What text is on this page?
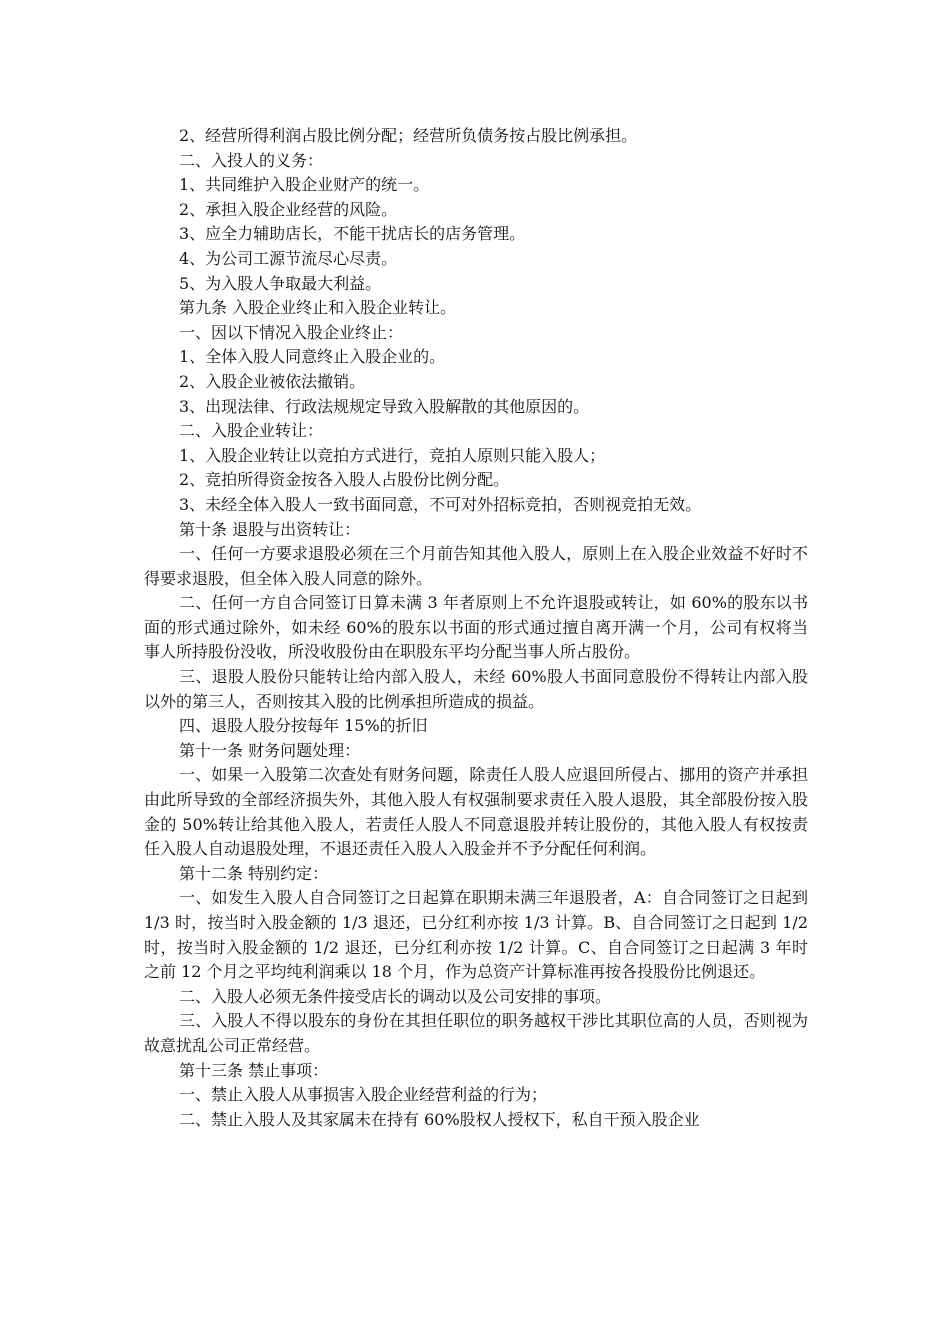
2、经营所得利润占股比例分配；经营所负债务按占股比例承担。

二、入投人的义务：

1、共同维护入股企业财产的统一。

2、承担入股企业经营的风险。

3、应全力辅助店长，不能干扰店长的店务管理。

4、为公司工源节流尽心尽责。

5、为入股人争取最大利益。

第九条 入股企业终止和入股企业转让。

一、因以下情况入股企业终止：

1、全体入股人同意终止入股企业的。

2、入股企业被依法撤销。

3、出现法律、行政法规规定导致入股解散的其他原因的。

二、入股企业转让：

1、入股企业转让以竞拍方式进行，竞拍人原则只能入股人；

2、竞拍所得资金按各入股人占股份比例分配。

3、未经全体入股人一致书面同意，不可对外招标竞拍，否则视竞拍无效。

第十条 退股与出资转让：

一、任何一方要求退股必须在三个月前告知其他入股人，原则上在入股企业效益不好时不得要求退股，但全体入股人同意的除外。

二、任何一方自合同签订日算未满 3 年者原则上不允许退股或转让，如 60%的股东以书面的形式通过除外，如未经 60%的股东以书面的形式通过擅自离开满一个月，公司有权将当事人所持股份没收，所没收股份由在职股东平均分配当事人所占股份。

三、退股人股份只能转让给内部入股人，未经 60%股人书面同意股份不得转让内部入股以外的第三人，否则按其入股的比例承担所造成的损益。

四、退股人股分按每年 15%的折旧

第十一条 财务问题处理：

一、如果一入股第二次查处有财务问题，除责任人股人应退回所侵占、挪用的资产并承担由此所导致的全部经济损失外，其他入股人有权强制要求责任入股人退股，其全部股份按入股金的 50%转让给其他入股人，若责任人股人不同意退股并转让股份的，其他入股人有权按责任入股人自动退股处理，不退还责任入股人入股金并不予分配任何利润。

第十二条 特别约定：

一、如发生入股人自合同签订之日起算在职期未满三年退股者，A：自合同签订之日起到 1/3 时，按当时入股金额的 1/3 退还，已分红利亦按 1/3 计算。B、自合同签订之日起到 1/2 时，按当时入股金额的 1/2 退还，已分红利亦按 1/2 计算。C、自合同签订之日起满 3 年时之前 12 个月之平均纯利润乘以 18 个月，作为总资产计算标准再按各投股份比例退还。

二、入股人必须无条件接受店长的调动以及公司安排的事项。

三、入股人不得以股东的身份在其担任职位的职务越权干涉比其职位高的人员，否则视为故意扰乱公司正常经营。

第十三条 禁止事项：

一、禁止入股人从事损害入股企业经营利益的行为；

二、禁止入股人及其家属未在持有 60%股权人授权下，私自干预入股企业
